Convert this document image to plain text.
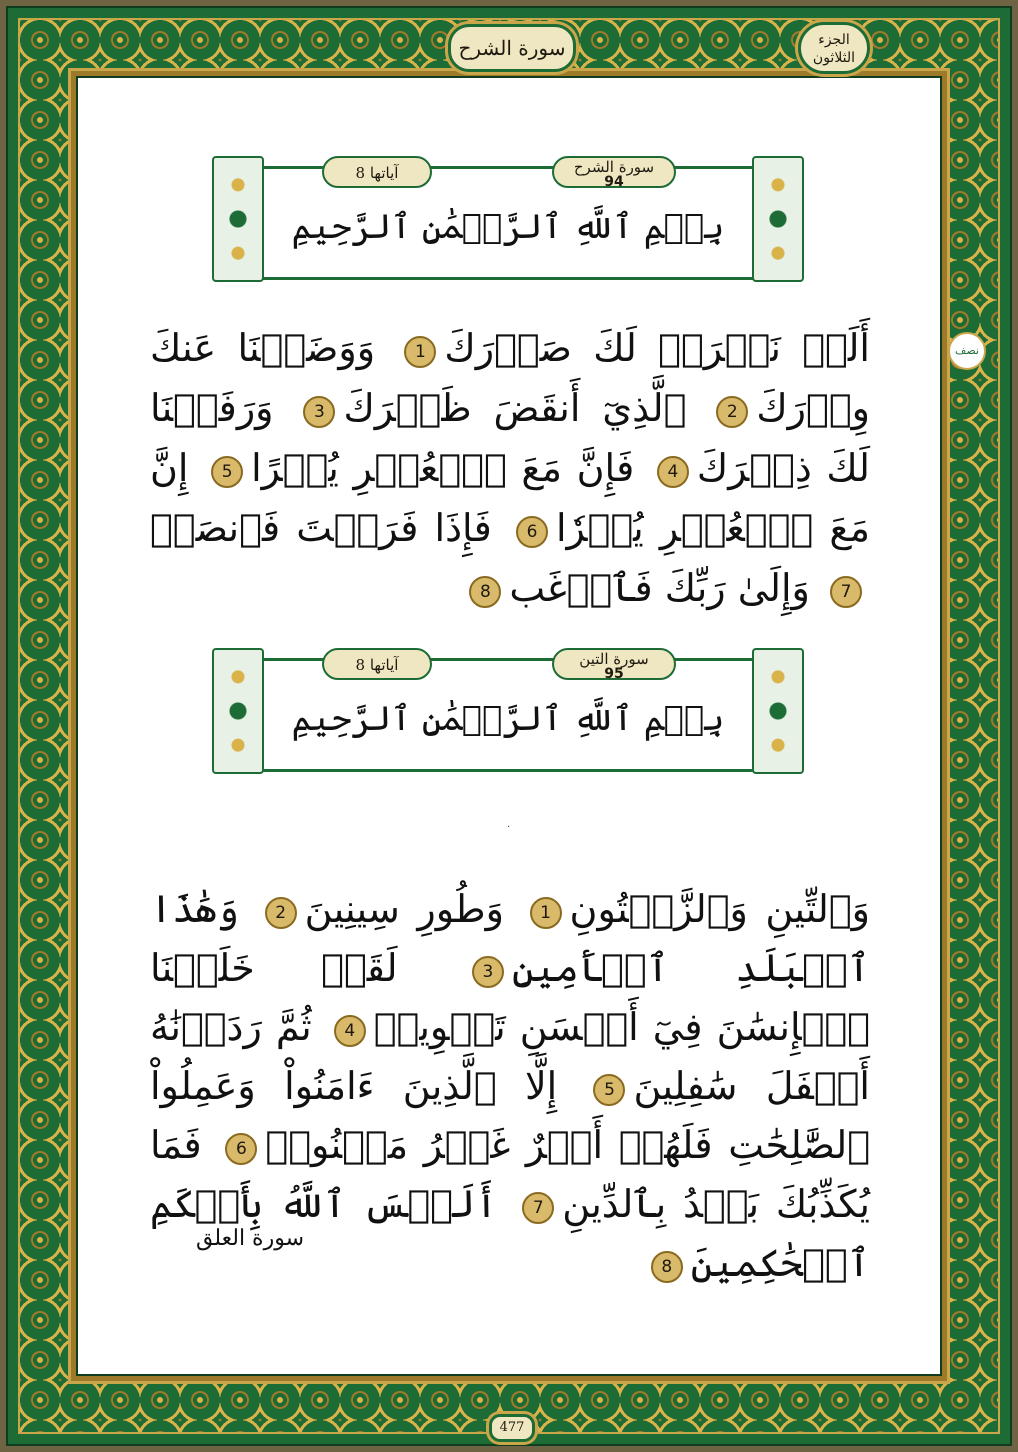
سورة الشرح	الجزء
الثلاثون
نصف
آياتها 8	سورة الشرح
94
بِسۡمِ ٱللَّهِ ٱلرَّحۡمَٰنِ ٱلرَّحِيمِ
أَلَمۡ نَشۡرَحۡ لَكَ صَدۡرَكَ1 وَوَضَعۡنَا عَنكَ وِزۡرَكَ2 ٱلَّذِيٓ أَنقَضَ ظَهۡرَكَ3 وَرَفَعۡنَا لَكَ ذِكۡرَكَ4 فَإِنَّ مَعَ ٱلۡعُسۡرِ يُسۡرًا5 إِنَّ مَعَ ٱلۡعُسۡرِ يُسۡرٗا6 فَإِذَا فَرَغۡتَ فَٱنصَبۡ7 وَإِلَىٰ رَبِّكَ فَٱرۡغَب8
آياتها 8	سورة التين
95
بِسۡمِ ٱللَّهِ ٱلرَّحۡمَٰنِ ٱلرَّحِيمِ
·
وَٱلتِّينِ وَٱلزَّيۡتُونِ1 وَطُورِ سِينِينَ2 وَهَٰذَا ٱلۡبَلَدِ ٱلۡأَمِينِ3 لَقَدۡ خَلَقۡنَا ٱلۡإِنسَٰنَ فِيٓ أَحۡسَنِ تَقۡوِيمٖ4 ثُمَّ رَدَدۡنَٰهُ أَسۡفَلَ سَٰفِلِينَ5 إِلَّا ٱلَّذِينَ ءَامَنُواْ وَعَمِلُواْ ٱلصَّٰلِحَٰتِ فَلَهُمۡ أَجۡرٌ غَيۡرُ مَمۡنُونٖ6 فَمَا يُكَذِّبُكَ بَعۡدُ بِٱلدِّينِ7 أَلَيۡسَ ٱللَّهُ بِأَحۡكَمِ ٱلۡحَٰكِمِينَ8
سورة العلق
477
